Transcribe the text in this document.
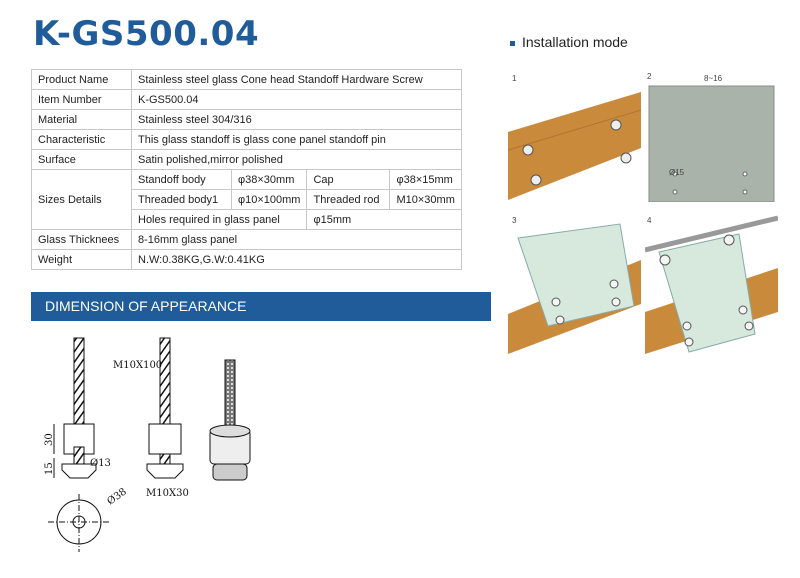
K-GS500.04
Product Name	Stainless steel glass Cone head Standoff Hardware Screw			
Item Number	K-GS500.04			
Material	Stainless steel 304/316			
Characteristic	This glass standoff is glass cone panel standoff pin			
Surface	Satin polished,mirror polished			
Sizes Details	Standoff body	φ38×30mm	Cap	φ38×15mm
	Threaded body1	φ10×100mm	Threaded rod	M10×30mm
	Holes required in glass panel		φ15mm	
Glass Thicknees	8-16mm glass panel			
Weight	N.W:0.38KG,G.W:0.41KG			
DIMENSION OF APPEARANCE
M10X100
30
15	Ø13
M10X30
Ø38
Installation mode
1	2	8~16
Ø15
3	4
